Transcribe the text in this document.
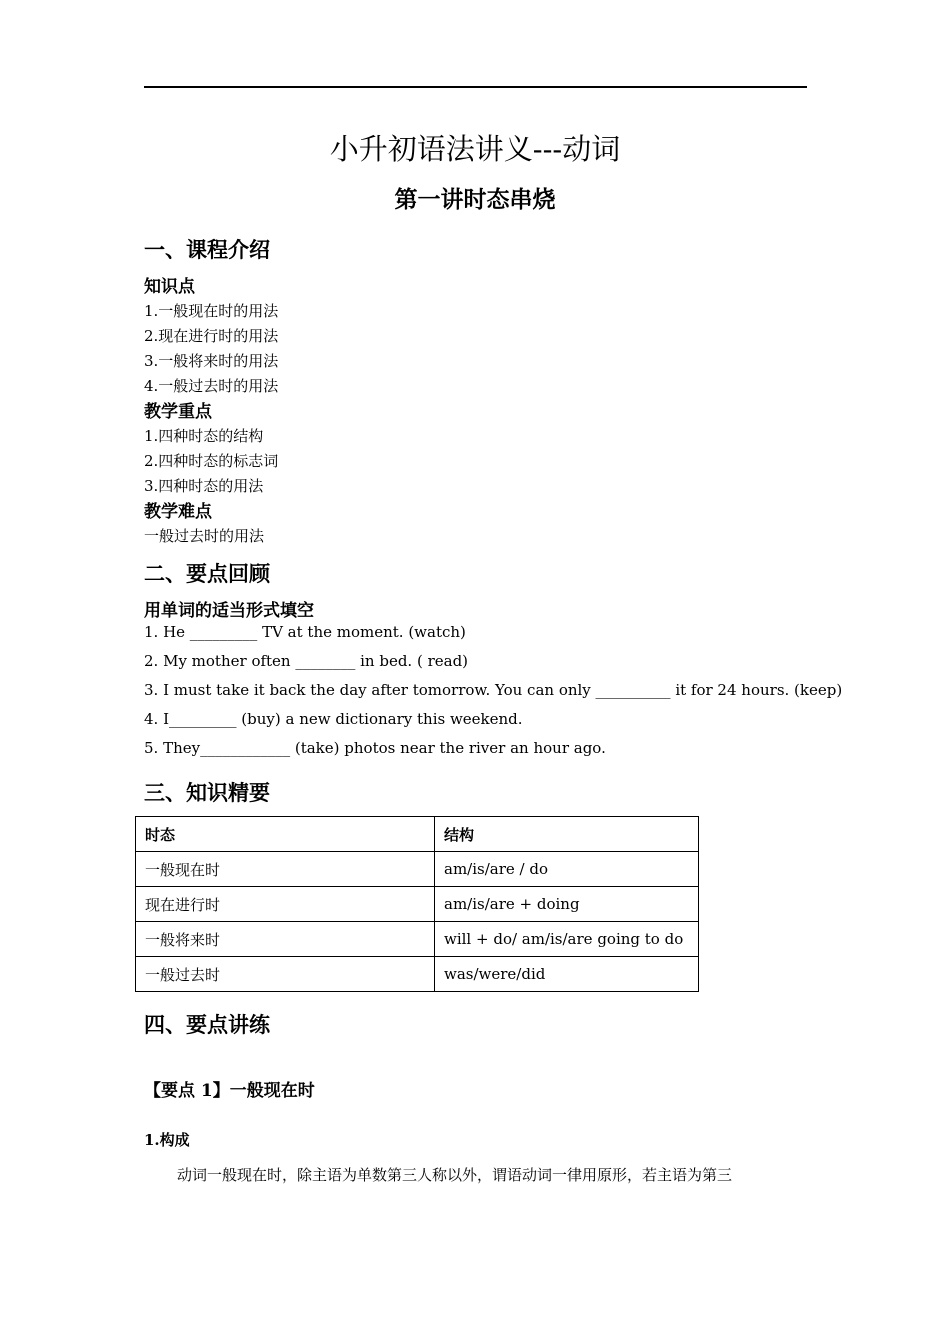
小升初语法讲义---动词
第一讲时态串烧
一、课程介绍
知识点
1.一般现在时的用法
2.现在进行时的用法
3.一般将来时的用法
4.一般过去时的用法
教学重点
1.四种时态的结构
2.四种时态的标志词
3.四种时态的用法
教学难点
一般过去时的用法
二、要点回顾
用单词的适当形式填空
1. He _________ TV at the moment. (watch)
2. My mother often ________ in bed. ( read)
3. I must take it back the day after tomorrow. You can only __________ it for 24 hours. (keep)
4. I_________ (buy) a new dictionary this weekend.
5. They____________ (take) photos near the river an hour ago.
三、知识精要
时态	结构
一般现在时	am/is/are / do
现在进行时	am/is/are + doing
一般将来时	will + do/ am/is/are going to do
一般过去时	was/were/did
四、要点讲练
【要点 1】一般现在时
1.构成
动词一般现在时，除主语为单数第三人称以外，谓语动词一律用原形，若主语为第三
